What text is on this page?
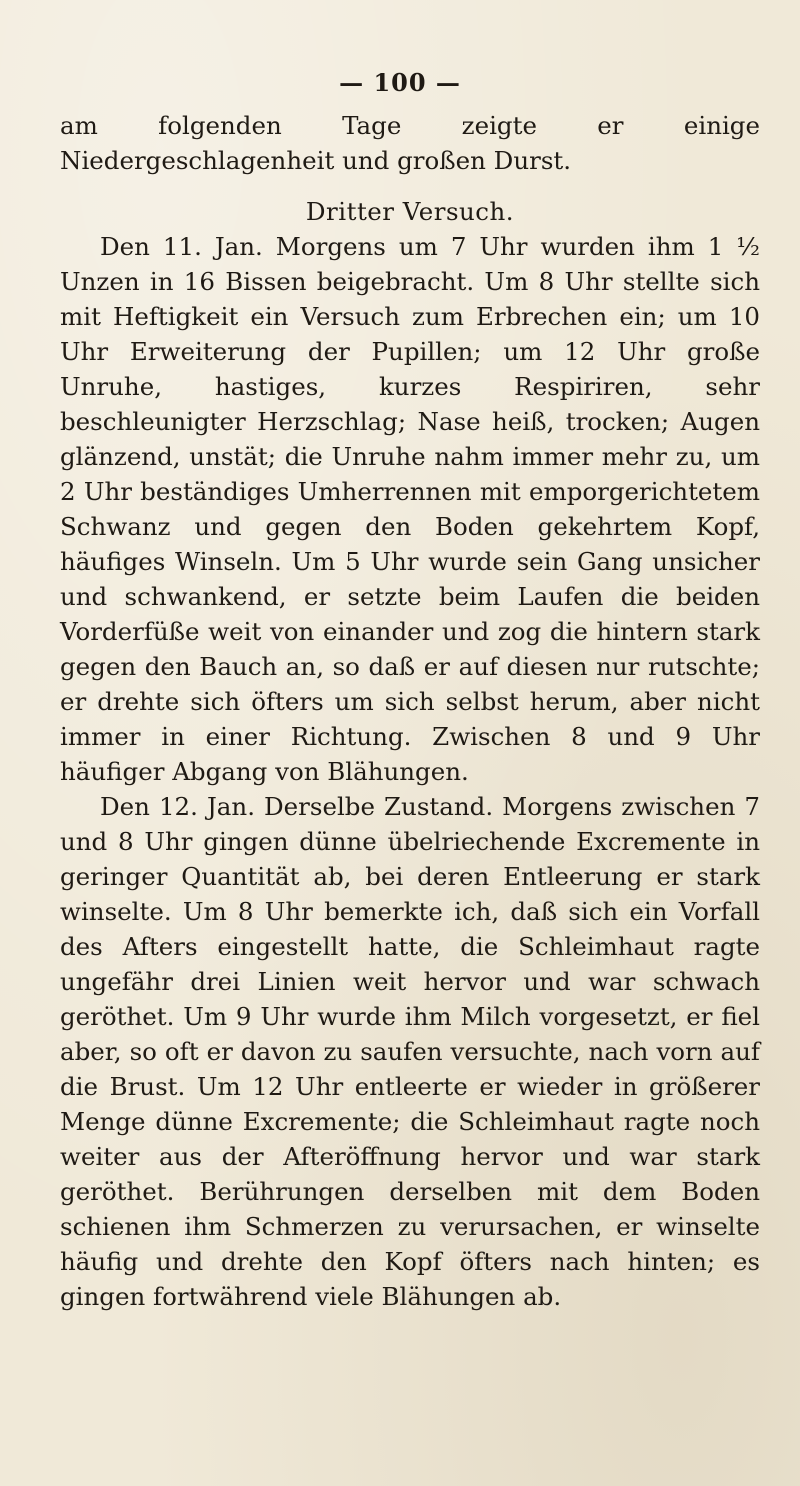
— 100 —

am folgenden Tage zeigte er einige Niedergeschlagenheit und großen Durst.

Dritter Versuch.

Den 11. Jan. Morgens um 7 Uhr wurden ihm 1 ½ Unzen in 16 Bissen beigebracht. Um 8 Uhr stellte sich mit Heftigkeit ein Versuch zum Erbrechen ein; um 10 Uhr Erweiterung der Pupillen; um 12 Uhr große Unruhe, hastiges, kurzes Respiriren, sehr beschleunigter Herzschlag; Nase heiß, trocken; Augen glänzend, unstät; die Unruhe nahm immer mehr zu, um 2 Uhr beständiges Umherrennen mit emporgerichtetem Schwanz und gegen den Boden gekehrtem Kopf, häufiges Winseln. Um 5 Uhr wurde sein Gang unsicher und schwankend, er setzte beim Laufen die beiden Vorderfüße weit von einander und zog die hintern stark gegen den Bauch an, so daß er auf diesen nur rutschte; er drehte sich öfters um sich selbst herum, aber nicht immer in einer Richtung. Zwischen 8 und 9 Uhr häufiger Abgang von Blähungen.

Den 12. Jan. Derselbe Zustand. Morgens zwischen 7 und 8 Uhr gingen dünne übelriechende Excremente in geringer Quantität ab, bei deren Entleerung er stark winselte. Um 8 Uhr bemerkte ich, daß sich ein Vorfall des Afters eingestellt hatte, die Schleimhaut ragte ungefähr drei Linien weit hervor und war schwach geröthet. Um 9 Uhr wurde ihm Milch vorgesetzt, er fiel aber, so oft er davon zu saufen versuchte, nach vorn auf die Brust. Um 12 Uhr entleerte er wieder in größerer Menge dünne Excremente; die Schleimhaut ragte noch weiter aus der Afteröffnung hervor und war stark geröthet. Berührungen derselben mit dem Boden schienen ihm Schmerzen zu verursachen, er winselte häufig und drehte den Kopf öfters nach hinten; es gingen fortwährend viele Blähungen ab.
